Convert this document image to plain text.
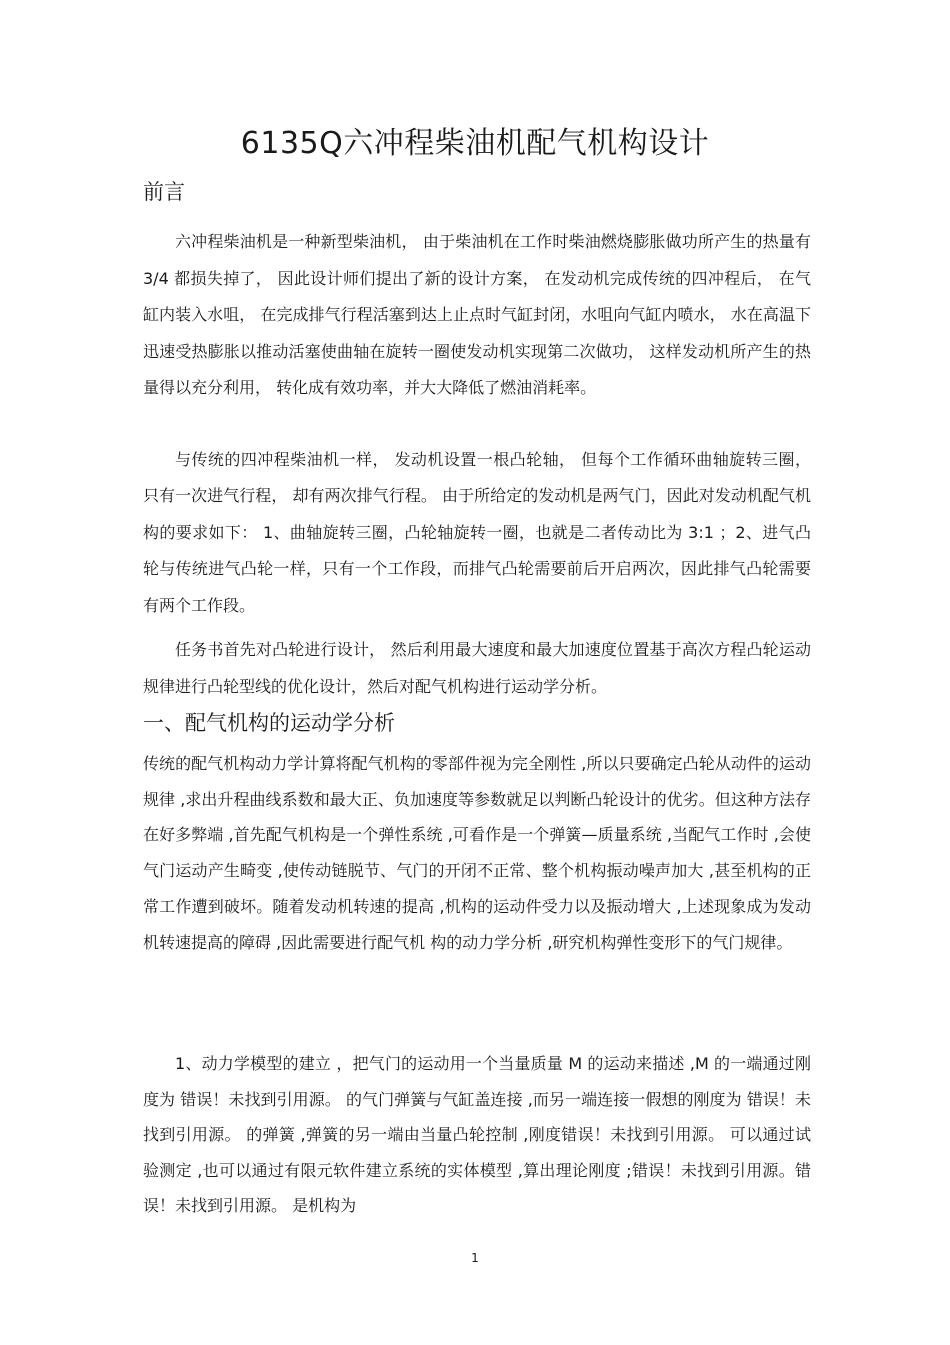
6135Q六冲程柴油机配气机构设计
前言

六冲程柴油机是一种新型柴油机， 由于柴油机在工作时柴油燃烧膨胀做功所产生的热量有 3/4 都损失掉了， 因此设计师们提出了新的设计方案， 在发动机完成传统的四冲程后， 在气缸内装入水咀， 在完成排气行程活塞到达上止点时气缸封闭，水咀向气缸内喷水， 水在高温下迅速受热膨胀以推动活塞使曲轴在旋转一圈使发动机实现第二次做功， 这样发动机所产生的热量得以充分利用， 转化成有效功率，并大大降低了燃油消耗率。

与传统的四冲程柴油机一样， 发动机设置一根凸轮轴， 但每个工作循环曲轴旋转三圈， 只有一次进气行程， 却有两次排气行程。 由于所给定的发动机是两气门，因此对发动机配气机构的要求如下： 1、曲轴旋转三圈，凸轮轴旋转一圈，也就是二者传动比为 3:1 ；2、进气凸轮与传统进气凸轮一样，只有一个工作段，而排气凸轮需要前后开启两次，因此排气凸轮需要有两个工作段。

任务书首先对凸轮进行设计， 然后利用最大速度和最大加速度位置基于高次方程凸轮运动规律进行凸轮型线的优化设计，然后对配气机构进行运动学分析。

一、配气机构的运动学分析

传统的配气机构动力学计算将配气机构的零部件视为完全刚性 ,所以只要确定凸轮从动件的运动规律 ,求出升程曲线系数和最大正、负加速度等参数就足以判断凸轮设计的优劣。但这种方法存在好多弊端 ,首先配气机构是一个弹性系统 ,可看作是一个弹簧—质量系统 ,当配气工作时 ,会使气门运动产生畸变 ,使传动链脱节、气门的开闭不正常、整个机构振动噪声加大 ,甚至机构的正常工作遭到破坏。随着发动机转速的提高 ,机构的运动件受力以及振动增大 ,上述现象成为发动机转速提高的障碍 ,因此需要进行配气机 构的动力学分析 ,研究机构弹性变形下的气门规律。

1、动力学模型的建立 ，把气门的运动用一个当量质量 M 的运动来描述 ,M 的一端通过刚度为 错误！未找到引用源。 的气门弹簧与气缸盖连接 ,而另一端连接一假想的刚度为 错误！未找到引用源。 的弹簧 ,弹簧的另一端由当量凸轮控制 ,刚度错误！未找到引用源。 可以通过试验测定 ,也可以通过有限元软件建立系统的实体模型 ,算出理论刚度 ;错误！未找到引用源。错误！未找到引用源。 是机构为

1
